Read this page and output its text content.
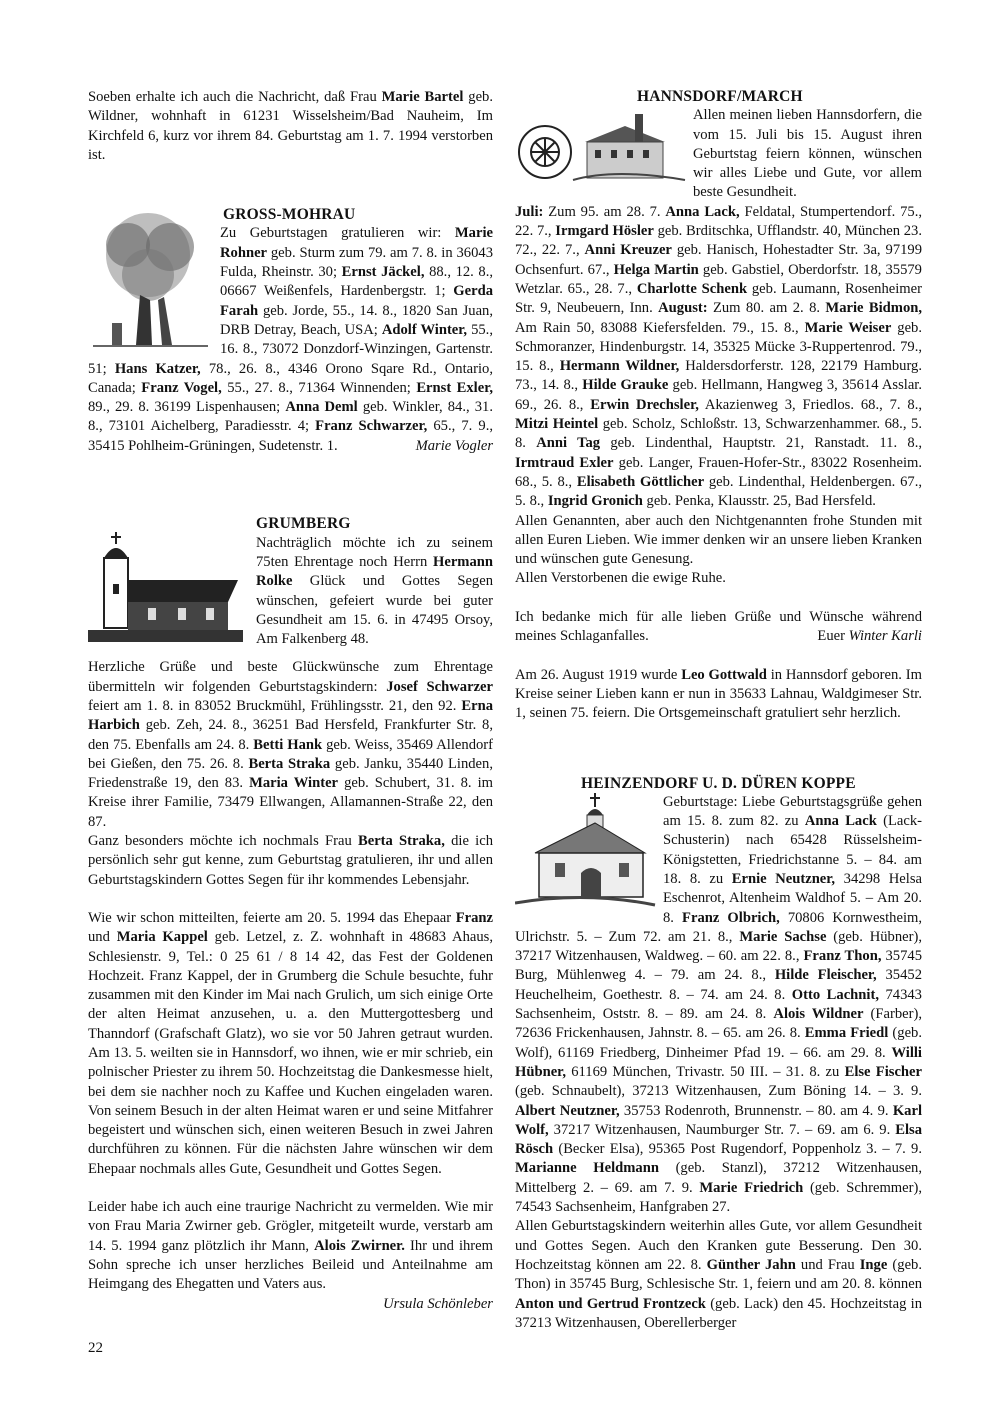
Soeben erhalte ich auch die Nachricht, daß Frau Marie Bartel geb. Wildner, wohnhaft in 61231 Wisselsheim/Bad Nauheim, Im Kirchfeld 6, kurz vor ihrem 84. Geburtstag am 1. 7. 1994 verstorben ist.

GROSS-MOHRAU

Zu Geburtstagen gratulieren wir: Marie Rohner geb. Sturm zum 79. am 7. 8. in 36043 Fulda, Rheinstr. 30; Ernst Jäckel, 88., 12. 8., 06667 Weißenfels, Hardenbergstr. 1; Gerda Farah geb. Jorde, 55., 14. 8., 1820 San Juan, DRB Detray, Beach, USA; Adolf Winter, 55., 16. 8., 73072 Donzdorf-Winzingen, Gartenstr. 51; Hans Katzer, 78., 26. 8., 4346 Orono Sqare Rd., Ontario, Canada; Franz Vogel, 55., 27. 8., 71364 Winnenden; Ernst Exler, 89., 29. 8. 36199 Lispenhausen; Anna Deml geb. Winkler, 84., 31. 8., 73101 Aichelberg, Paradiesstr. 4; Franz Schwarzer, 65., 7. 9., 35415 Pohlheim-Grüningen, Sudetenstr. 1.	Marie Vogler

GRUMBERG

Nachträglich möchte ich zu seinem 75ten Ehrentage noch Herrn Hermann Rolke Glück und Gottes Segen wünschen, gefeiert wurde bei guter Gesundheit am 15. 6. in 47495 Orsoy, Am Falkenberg 48.

Herzliche Grüße und beste Glückwünsche zum Ehrentage übermitteln wir folgenden Geburtstagskindern: Josef Schwarzer feiert am 1. 8. in 83052 Bruckmühl, Frühlingsstr. 21, den 92. Erna Harbich geb. Zeh, 24. 8., 36251 Bad Hersfeld, Frankfurter Str. 8, den 75. Ebenfalls am 24. 8. Betti Hank geb. Weiss, 35469 Allendorf bei Gießen, den 75. 26. 8. Berta Straka geb. Janku, 35440 Linden, Friedenstraße 19, den 83. Maria Winter geb. Schubert, 31. 8. im Kreise ihrer Familie, 73479 Ellwangen, Allamannen-Straße 22, den 87.

Ganz besonders möchte ich nochmals Frau Berta Straka, die ich persönlich sehr gut kenne, zum Geburtstag gratulieren, ihr und allen Geburtstagskindern Gottes Segen für ihr kommendes Lebensjahr.

Wie wir schon mitteilten, feierte am 20. 5. 1994 das Ehepaar Franz und Maria Kappel geb. Letzel, z. Z. wohnhaft in 48683 Ahaus, Schlesienstr. 9, Tel.: 0 25 61 / 8 14 42, das Fest der Goldenen Hochzeit. Franz Kappel, der in Grumberg die Schule besuchte, fuhr zusammen mit den Kinder im Mai nach Grulich, um sich einige Orte der alten Heimat anzusehen, u. a. den Muttergottesberg und Thanndorf (Grafschaft Glatz), wo sie vor 50 Jahren getraut wurden. Am 13. 5. weilten sie in Hannsdorf, wo ihnen, wie er mir schrieb, ein polnischer Priester zu ihrem 50. Hochzeitstag die Dankesmesse hielt, bei dem sie nachher noch zu Kaffee und Kuchen eingeladen waren. Von seinem Besuch in der alten Heimat waren er und seine Mitfahrer begeistert und wünschen sich, einen weiteren Besuch in zwei Jahren durchführen zu können. Für die nächsten Jahre wünschen wir dem Ehepaar nochmals alles Gute, Gesundheit und Gottes Segen.

Leider habe ich auch eine traurige Nachricht zu vermelden. Wie mir von Frau Maria Zwirner geb. Grögler, mitgeteilt wurde, verstarb am 14. 5. 1994 ganz plötzlich ihr Mann, Alois Zwirner. Ihr und ihrem Sohn spreche ich unser herzliches Beileid und Anteilnahme am Heimgang des Ehegatten und Vaters aus.

Ursula Schönleber

HANNSDORF/MARCH

Allen meinen lieben Hannsdorfern, die vom 15. Juli bis 15. August ihren Geburtstag feiern können, wünschen wir alles Liebe und Gute, vor allem beste Gesundheit.

Juli: Zum 95. am 28. 7. Anna Lack, Feldatal, Stumpertendorf. 75., 22. 7., Irmgard Hösler geb. Brditschka, Ufflandstr. 40, München 23. 72., 22. 7., Anni Kreuzer geb. Hanisch, Hohestadter Str. 3a, 97199 Ochsenfurt. 67., Helga Martin geb. Gabstiel, Oberdorfstr. 18, 35579 Wetzlar. 65., 28. 7., Charlotte Schenk geb. Laumann, Rosenheimer Str. 9, Neubeuern, Inn. August: Zum 80. am 2. 8. Marie Bidmon, Am Rain 50, 83088 Kiefersfelden. 79., 15. 8., Marie Weiser geb. Schmoranzer, Hindenburgstr. 14, 35325 Mücke 3-Ruppertenrod. 79., 15. 8., Hermann Wildner, Haldersdorferstr. 128, 22179 Hamburg. 73., 14. 8., Hilde Grauke geb. Hellmann, Hangweg 3, 35614 Asslar. 69., 26. 8., Erwin Drechsler, Akazienweg 3, Friedlos. 68., 7. 8., Mitzi Heintel geb. Scholz, Schloßstr. 13, Schwarzenhammer. 68., 5. 8. Anni Tag geb. Lindenthal, Hauptstr. 21, Ranstadt. 11. 8., Irmtraud Exler geb. Langer, Frauen-Hofer-Str., 83022 Rosenheim. 68., 5. 8., Elisabeth Göttlicher geb. Lindenthal, Heldenbergen. 67., 5. 8., Ingrid Gronich geb. Penka, Klausstr. 25, Bad Hersfeld.

Allen Genannten, aber auch den Nichtgenannten frohe Stunden mit allen Euren Lieben. Wie immer denken wir an unsere lieben Kranken und wünschen gute Genesung.

Allen Verstorbenen die ewige Ruhe.

Ich bedanke mich für alle lieben Grüße und Wünsche während meines Schlaganfalles.	Euer Winter Karli

Am 26. August 1919 wurde Leo Gottwald in Hannsdorf geboren. Im Kreise seiner Lieben kann er nun in 35633 Lahnau, Waldgimeser Str. 1, seinen 75. feiern. Die Ortsgemeinschaft gratuliert sehr herzlich.

HEINZENDORF U. D. DÜREN KOPPE

Geburtstage: Liebe Geburtstagsgrüße gehen am 15. 8. zum 82. zu Anna Lack (Lack-Schusterin) nach 65428 Rüsselsheim-Königstetten, Friedrichstanne 5. – 84. am 18. 8. zu Ernie Neutzner, 34298 Helsa Eschenrot, Altenheim Waldhof 5. – Am 20. 8. Franz Olbrich, 70806 Kornwestheim, Ulrichstr. 5. – Zum 72. am 21. 8., Marie Sachse (geb. Hübner), 37217 Witzenhausen, Waldweg. – 60. am 22. 8., Franz Thon, 35745 Burg, Mühlenweg 4. – 79. am 24. 8., Hilde Fleischer, 35452 Heuchelheim, Goethestr. 8. – 74. am 24. 8. Otto Lachnit, 74343 Sachsenheim, Oststr. 8. – 89. am 24. 8. Alois Wildner (Farber), 72636 Frickenhausen, Jahnstr. 8. – 65. am 26. 8. Emma Friedl (geb. Wolf), 61169 Friedberg, Dinheimer Pfad 19. – 66. am 29. 8. Willi Hübner, 61169 München, Trivastr. 50 III. – 31. 8. zu Else Fischer (geb. Schnaubelt), 37213 Witzenhausen, Zum Böning 14. – 3. 9. Albert Neutzner, 35753 Rodenroth, Brunnenstr. – 80. am 4. 9. Karl Wolf, 37217 Witzenhausen, Naumburger Str. 7. – 69. am 6. 9. Elsa Rösch (Becker Elsa), 95365 Post Rugendorf, Poppenholz 3. – 7. 9. Marianne Heldmann (geb. Stanzl), 37212 Witzenhausen, Mittelberg 2. – 69. am 7. 9. Marie Friedrich (geb. Schremmer), 74543 Sachsenheim, Hanfgraben 27.

Allen Geburtstagskindern weiterhin alles Gute, vor allem Gesundheit und Gottes Segen. Auch den Kranken gute Besserung. Den 30. Hochzeitstag können am 22. 8. Günther Jahn und Frau Inge (geb. Thon) in 35745 Burg, Schlesische Str. 1, feiern und am 20. 8. können Anton und Gertrud Frontzeck (geb. Lack) den 45. Hochzeitstag in 37213 Witzenhausen, Oberellerberger

22
